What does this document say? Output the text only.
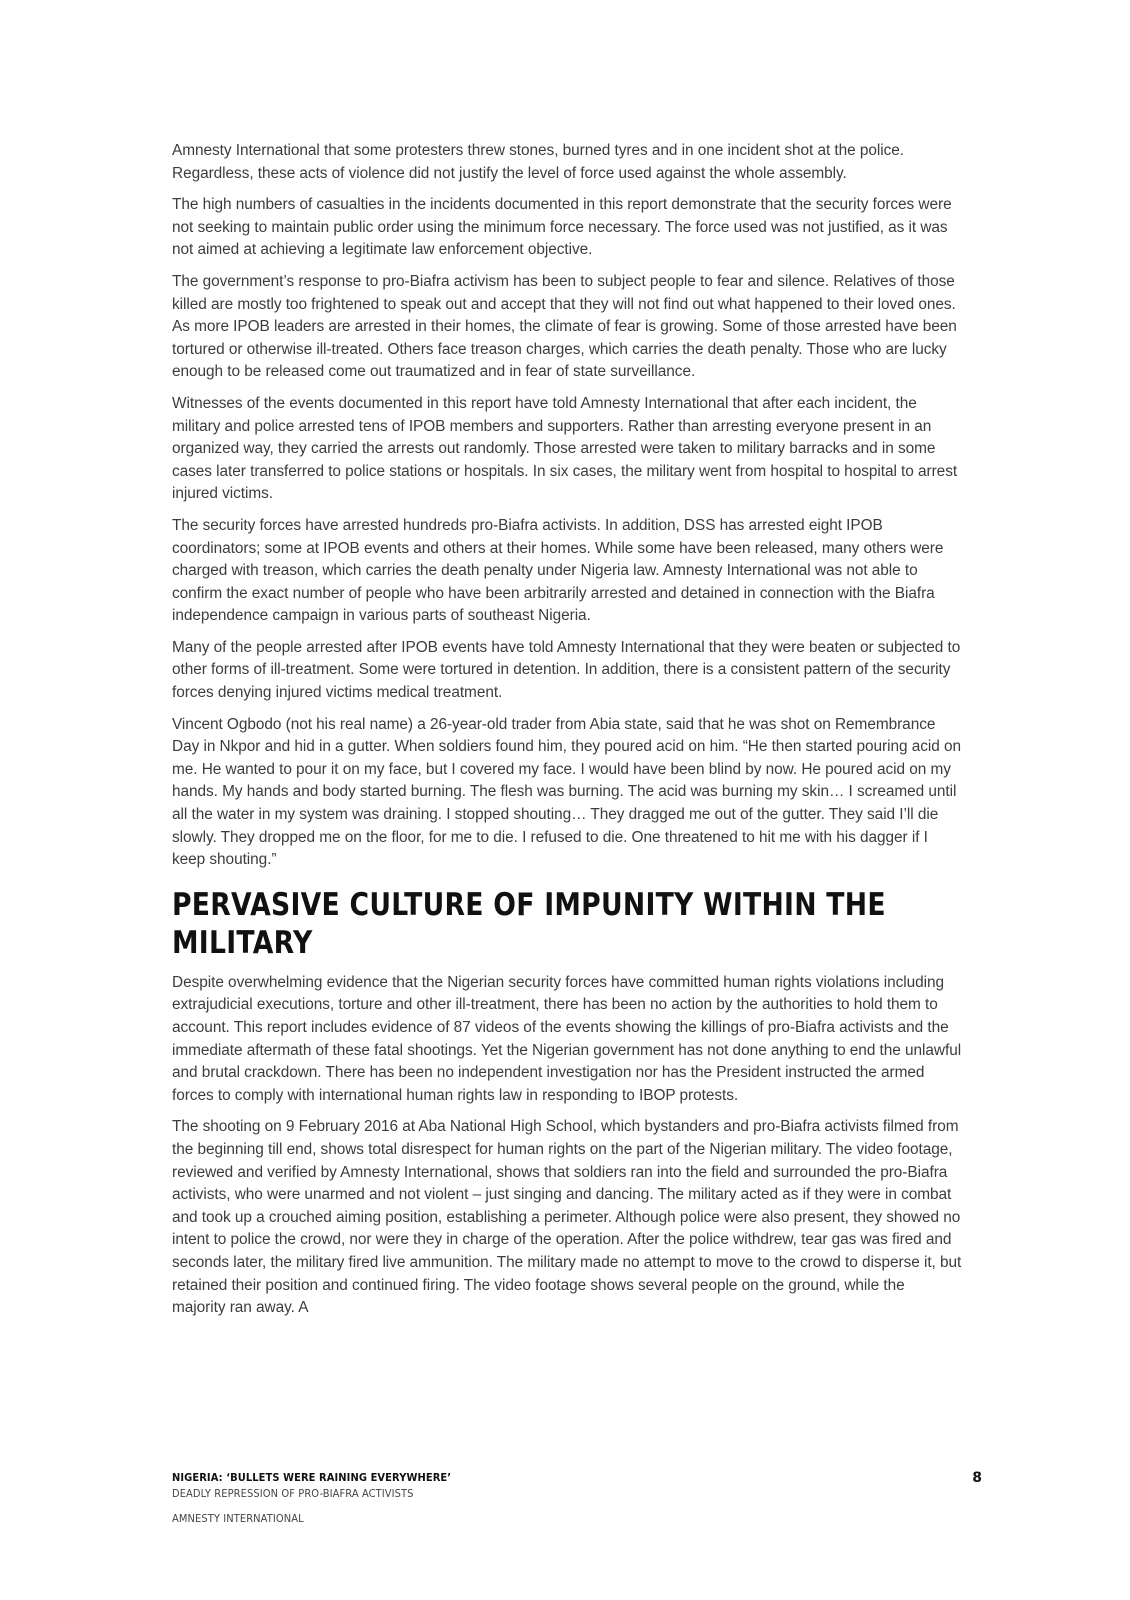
Amnesty International that some protesters threw stones, burned tyres and in one incident shot at the police. Regardless, these acts of violence did not justify the level of force used against the whole assembly.

The high numbers of casualties in the incidents documented in this report demonstrate that the security forces were not seeking to maintain public order using the minimum force necessary. The force used was not justified, as it was not aimed at achieving a legitimate law enforcement objective.

The government’s response to pro-Biafra activism has been to subject people to fear and silence. Relatives of those killed are mostly too frightened to speak out and accept that they will not find out what happened to their loved ones. As more IPOB leaders are arrested in their homes, the climate of fear is growing. Some of those arrested have been tortured or otherwise ill-treated. Others face treason charges, which carries the death penalty. Those who are lucky enough to be released come out traumatized and in fear of state surveillance.

Witnesses of the events documented in this report have told Amnesty International that after each incident, the military and police arrested tens of IPOB members and supporters. Rather than arresting everyone present in an organized way, they carried the arrests out randomly. Those arrested were taken to military barracks and in some cases later transferred to police stations or hospitals. In six cases, the military went from hospital to hospital to arrest injured victims.

The security forces have arrested hundreds pro-Biafra activists. In addition, DSS has arrested eight IPOB coordinators; some at IPOB events and others at their homes. While some have been released, many others were charged with treason, which carries the death penalty under Nigeria law. Amnesty International was not able to confirm the exact number of people who have been arbitrarily arrested and detained in connection with the Biafra independence campaign in various parts of southeast Nigeria.

Many of the people arrested after IPOB events have told Amnesty International that they were beaten or subjected to other forms of ill-treatment. Some were tortured in detention. In addition, there is a consistent pattern of the security forces denying injured victims medical treatment.

Vincent Ogbodo (not his real name) a 26-year-old trader from Abia state, said that he was shot on Remembrance Day in Nkpor and hid in a gutter. When soldiers found him, they poured acid on him. “He then started pouring acid on me. He wanted to pour it on my face, but I covered my face. I would have been blind by now. He poured acid on my hands. My hands and body started burning. The flesh was burning. The acid was burning my skin… I screamed until all the water in my system was draining. I stopped shouting… They dragged me out of the gutter. They said I’ll die slowly. They dropped me on the floor, for me to die. I refused to die. One threatened to hit me with his dagger if I keep shouting.”

PERVASIVE CULTURE OF IMPUNITY WITHIN THE MILITARY

Despite overwhelming evidence that the Nigerian security forces have committed human rights violations including extrajudicial executions, torture and other ill-treatment, there has been no action by the authorities to hold them to account. This report includes evidence of 87 videos of the events showing the killings of pro-Biafra activists and the immediate aftermath of these fatal shootings. Yet the Nigerian government has not done anything to end the unlawful and brutal crackdown. There has been no independent investigation nor has the President instructed the armed forces to comply with international human rights law in responding to IBOP protests.

The shooting on 9 February 2016 at Aba National High School, which bystanders and pro-Biafra activists filmed from the beginning till end, shows total disrespect for human rights on the part of the Nigerian military. The video footage, reviewed and verified by Amnesty International, shows that soldiers ran into the field and surrounded the pro-Biafra activists, who were unarmed and not violent – just singing and dancing. The military acted as if they were in combat and took up a crouched aiming position, establishing a perimeter. Although police were also present, they showed no intent to police the crowd, nor were they in charge of the operation. After the police withdrew, tear gas was fired and seconds later, the military fired live ammunition. The military made no attempt to move to the crowd to disperse it, but retained their position and continued firing. The video footage shows several people on the ground, while the majority ran away. A

NIGERIA: ‘BULLETS WERE RAINING EVERYWHERE’
DEADLY REPRESSION OF PRO-BIAFRA ACTIVISTS
AMNESTY INTERNATIONAL
8
